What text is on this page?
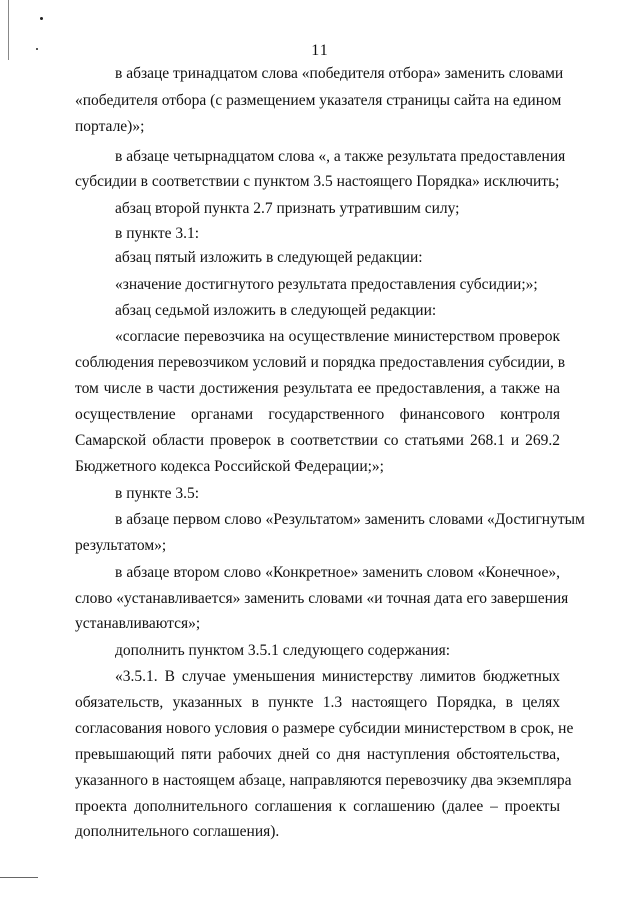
11
в абзаце тринадцатом слова «победителя отбора» заменить словами
«победителя отбора (с размещением указателя страницы сайта на едином
портале)»;
в абзаце четырнадцатом слова «, а также результата предоставления
субсидии в соответствии с пунктом 3.5 настоящего Порядка» исключить;
абзац второй пункта 2.7 признать утратившим силу;
в пункте 3.1:
абзац пятый изложить в следующей редакции:
«значение достигнутого результата предоставления субсидии;»;
абзац седьмой изложить в следующей редакции:
«согласие перевозчика на осуществление министерством проверок
соблюдения перевозчиком условий и порядка предоставления субсидии, в
том числе в части достижения результата ее предоставления, а также на
осуществление органами государственного финансового контроля
Самарской области проверок в соответствии со статьями 268.1 и 269.2
Бюджетного кодекса Российской Федерации;»;
в пункте 3.5:
в абзаце первом слово «Результатом» заменить словами «Достигнутым
результатом»;
в абзаце втором слово «Конкретное» заменить словом «Конечное»,
слово «устанавливается» заменить словами «и точная дата его завершения
устанавливаются»;
дополнить пунктом 3.5.1 следующего содержания:
«3.5.1. В случае уменьшения министерству лимитов бюджетных
обязательств, указанных в пункте 1.3 настоящего Порядка, в целях
согласования нового условия о размере субсидии министерством в срок, не
превышающий пяти рабочих дней со дня наступления обстоятельства,
указанного в настоящем абзаце, направляются перевозчику два экземпляра
проекта дополнительного соглашения к соглашению (далее – проекты
дополнительного соглашения).
